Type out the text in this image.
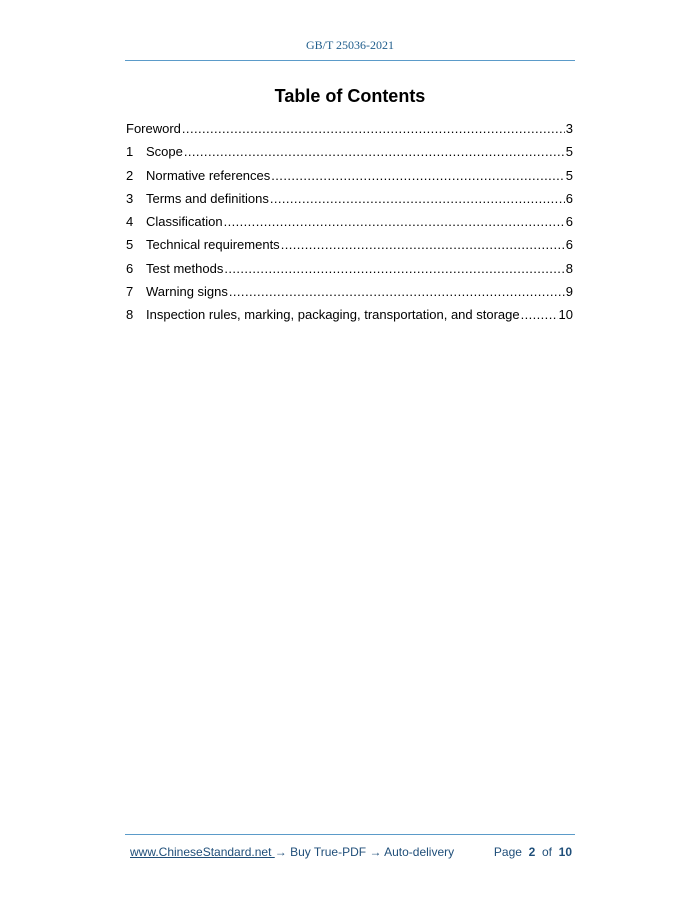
GB/T 25036-2021
Table of Contents
Foreword .....	3
1 Scope .....	5
2 Normative references .....	5
3 Terms and definitions .....	6
4 Classification .....	6
5 Technical requirements .....	6
6 Test methods .....	8
7 Warning signs .....	9
8 Inspection rules, marking, packaging, transportation, and storage .....	10
www.ChineseStandard.net → Buy True-PDF → Auto-delivery	Page 2 of 10
